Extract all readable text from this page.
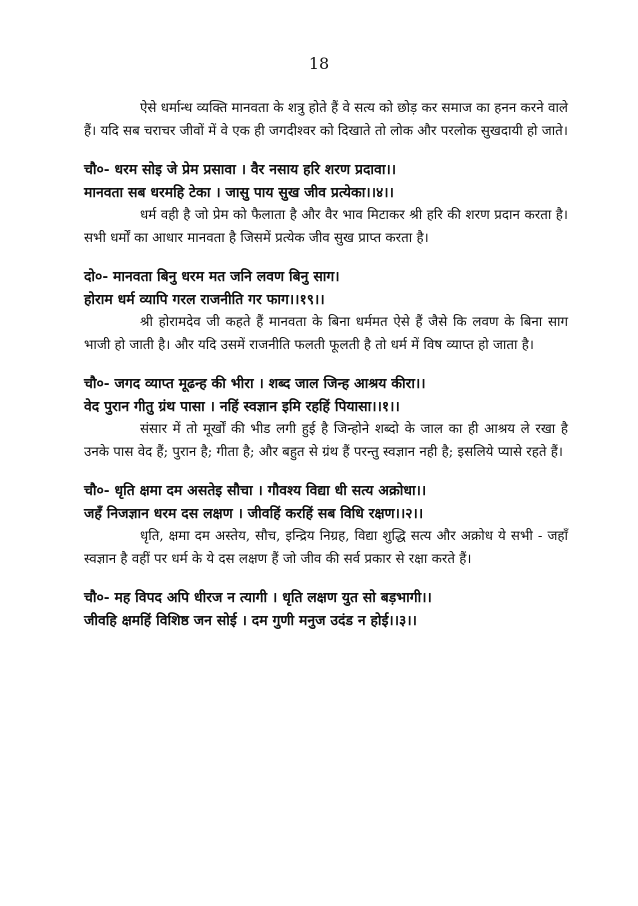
18

ऐसे धर्मान्ध व्यक्ति मानवता के शत्रु होते हैं वे सत्य को छोड़ कर समाज का हनन करने वाले हैं। यदि सब चराचर जीवों में वे एक ही जगदीश्वर को दिखाते तो लोक और परलोक सुखदायी हो जाते।

चौ०- धरम सोइ जे प्रेम प्रसावा । वैर नसाय हरि शरण प्रदावा।।

मानवता सब धरमहि टेका । जासु पाय सुख जीव प्रत्येका।।४।।

धर्म वही है जो प्रेम को फैलाता है और वैर भाव मिटाकर श्री हरि की शरण प्रदान करता है। सभी धर्मों का आधार मानवता है जिसमें प्रत्येक जीव सुख प्राप्त करता है।

दो०- मानवता बिनु धरम मत जनि लवण बिनु साग।

होराम धर्म व्यापि गरल राजनीति गर फाग।।१९।।

श्री होरामदेव जी कहते हैं मानवता के बिना धर्ममत ऐसे हैं जैसे कि लवण के बिना साग भाजी हो जाती है। और यदि उसमें राजनीति फलती फूलती है तो धर्म में विष व्याप्त हो जाता है।

चौ०- जगद व्याप्त मूढन्ह की भीरा । शब्द जाल जिन्ह आश्रय कीरा।।

वेद पुरान गीतु ग्रंथ पासा । नहिं स्वज्ञान इमि रहहिं पियासा।।१।।

संसार में तो मूर्खों की भीड लगी हुई है जिन्होने शब्दो के जाल का ही आश्रय ले रखा है उनके पास वेद हैं; पुरान है; गीता है; और बहुत से ग्रंथ हैं परन्तु स्वज्ञान नही है; इसलिये प्यासे रहते हैं।

चौ०- धृति क्षमा दम असतेइ सौचा । गौवश्य विद्या धी सत्य अक्रोधा।।

जहँ निजज्ञान धरम दस लक्षण । जीवहिं करहिं सब विधि रक्षण।।२।।

धृति, क्षमा दम अस्तेय, सौच, इन्द्रिय निग्रह, विद्या शुद्धि सत्य और अक्रोध ये सभी - जहाँ स्वज्ञान है वहीं पर धर्म के ये दस लक्षण हैं जो जीव की सर्व प्रकार से रक्षा करते हैं।

चौ०- मह विपद अपि धीरज न त्यागी । धृति लक्षण युत सो बड़भागी।।

जीवहि क्षमहिं विशिष्ठ जन सोई । दम गुणी मनुज उदंड न होई।।३।।
